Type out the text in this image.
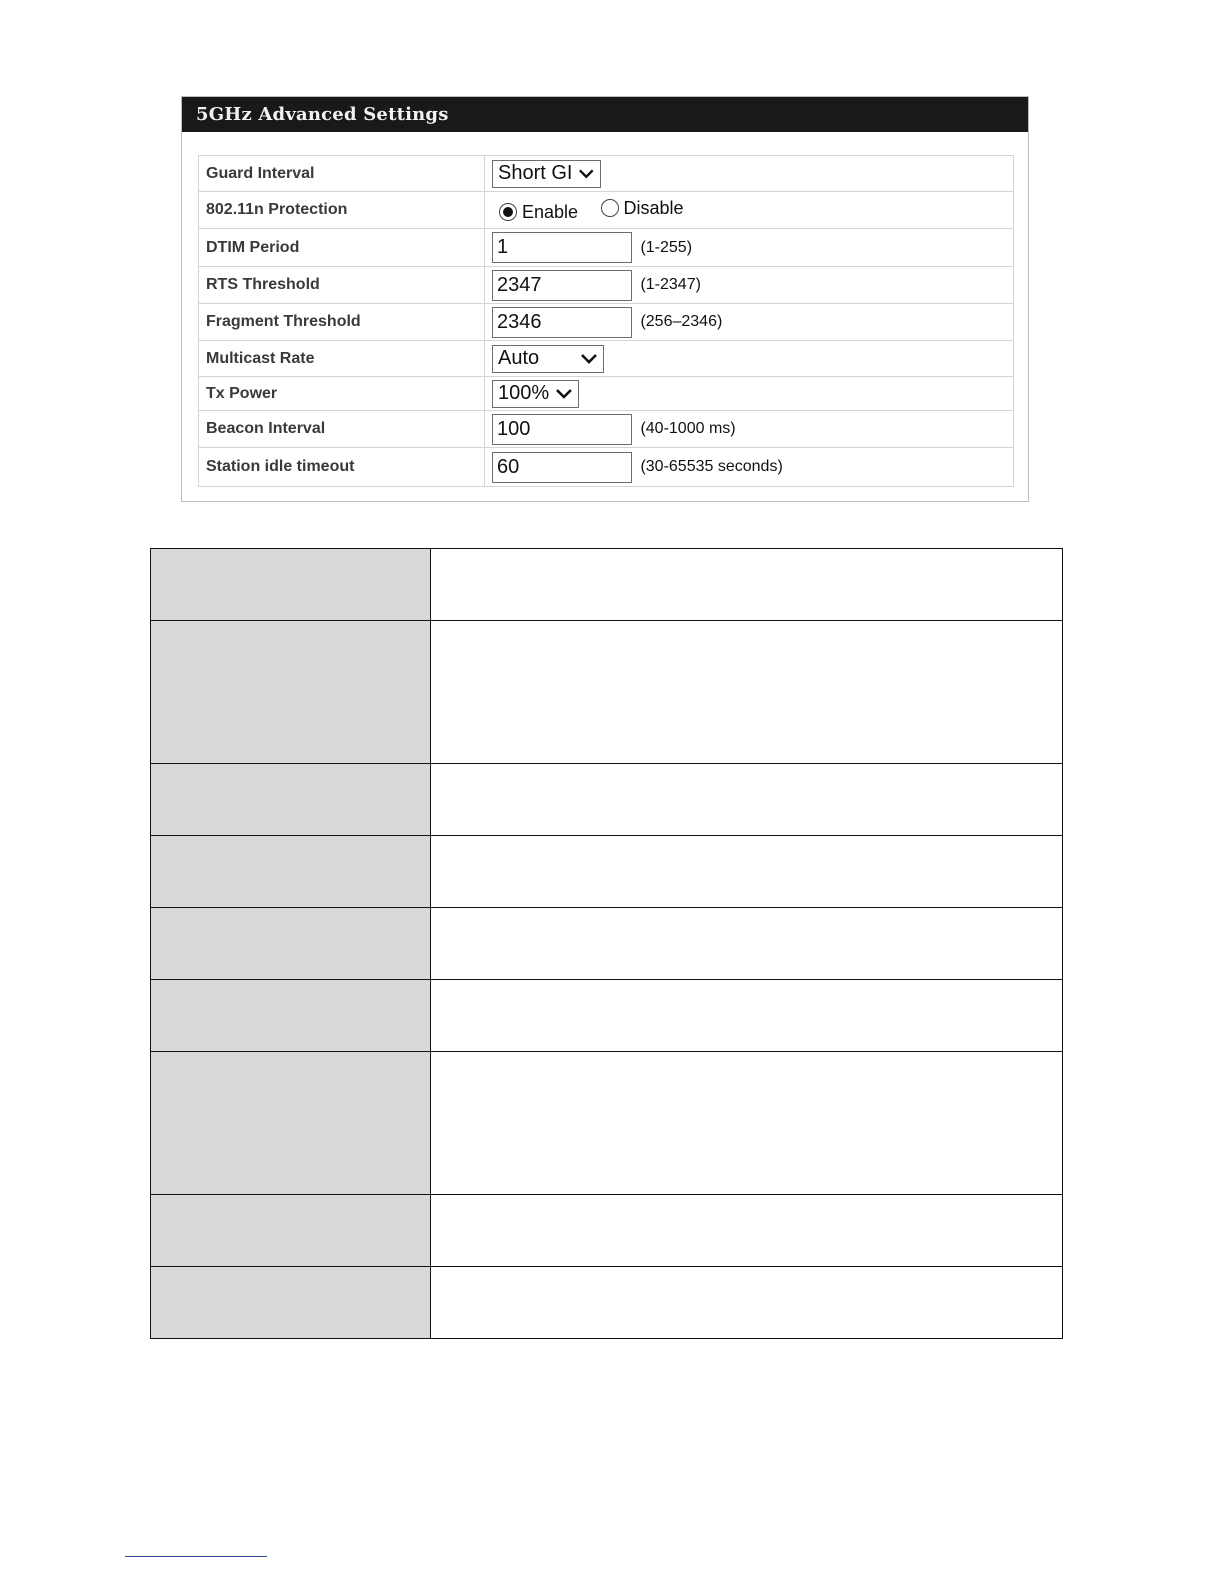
5GHz Advanced Settings
Guard Interval	Short GI

802.11n Protection	Enable
Disable

DTIM Period	1 (1-255)
RTS Threshold	2347 (1-2347)
Fragment Threshold	2346 (256–2346)
Multicast Rate	Auto

Tx Power	100%

Beacon Interval	100 (40-1000 ms)
Station idle timeout	60 (30-65535 seconds)
